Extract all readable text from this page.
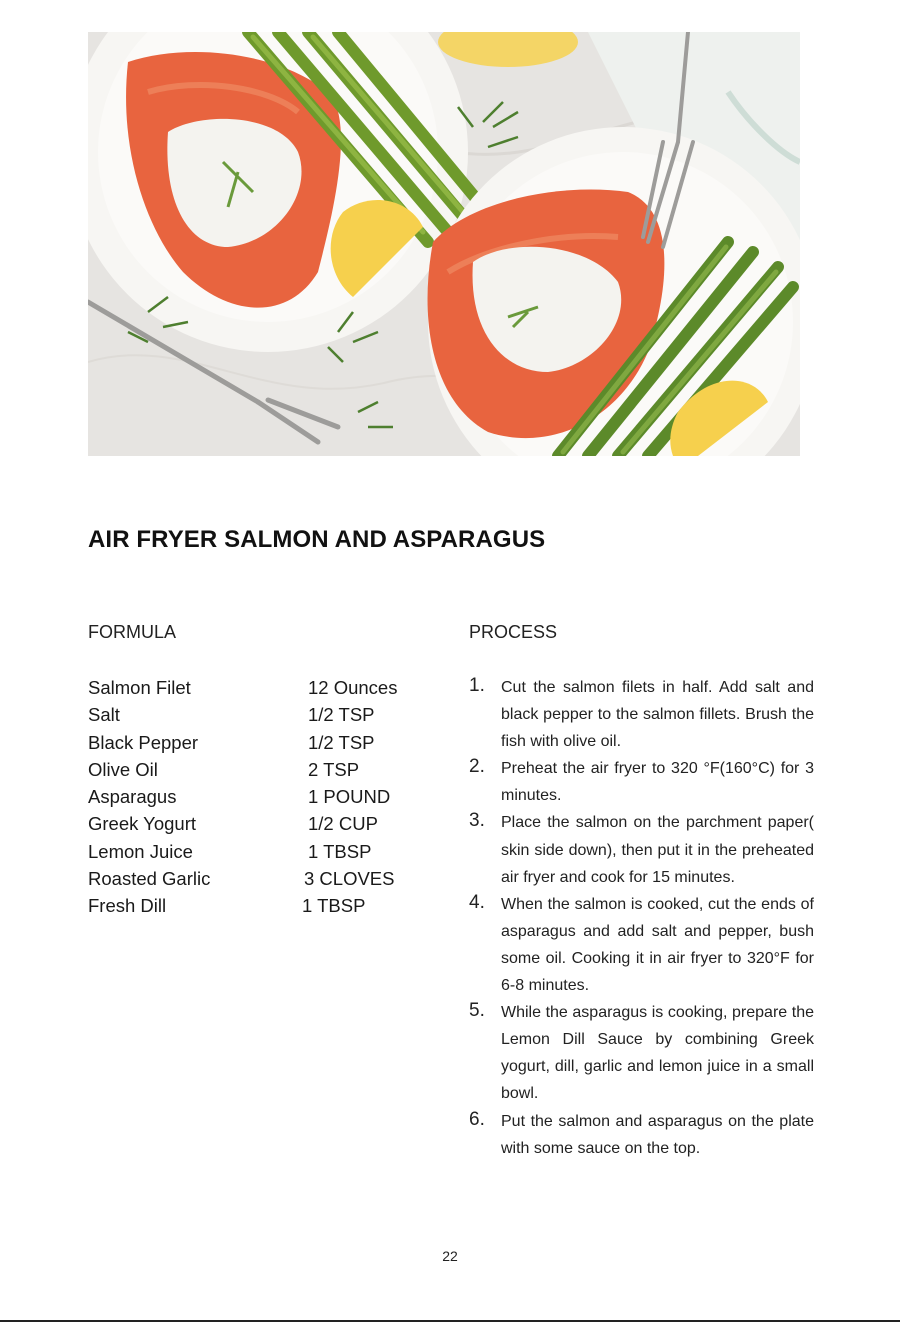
AIR FRYER SALMON AND ASPARAGUS
FORMULA	PROCESS
Salmon Filet	12 Ounces
Salt	1/2 TSP
Black Pepper	1/2 TSP
Olive Oil	2 TSP
Asparagus	1 POUND
Greek Yogurt	1/2 CUP
Lemon Juice	1 TBSP
Roasted Garlic	3 CLOVES
Fresh Dill	1 TBSP
1. Cut the salmon filets in half. Add salt and black pepper to the salmon fillets. Brush the fish with olive oil.
2. Preheat the air fryer to 320 °F(160°C) for 3 minutes.
3. Place the salmon on the parchment paper( skin side down), then put it in the preheated air fryer and cook for 15 minutes.
4. When the salmon is cooked, cut the ends of asparagus and add salt and pepper, bush some oil. Cooking it in air fryer to 320°F for 6-8 minutes.
5. While the asparagus is cooking, prepare the Lemon Dill Sauce by combining Greek yogurt, dill, garlic and lemon juice in a small bowl.
6. Put the salmon and asparagus on the plate with some sauce on the top.
22
